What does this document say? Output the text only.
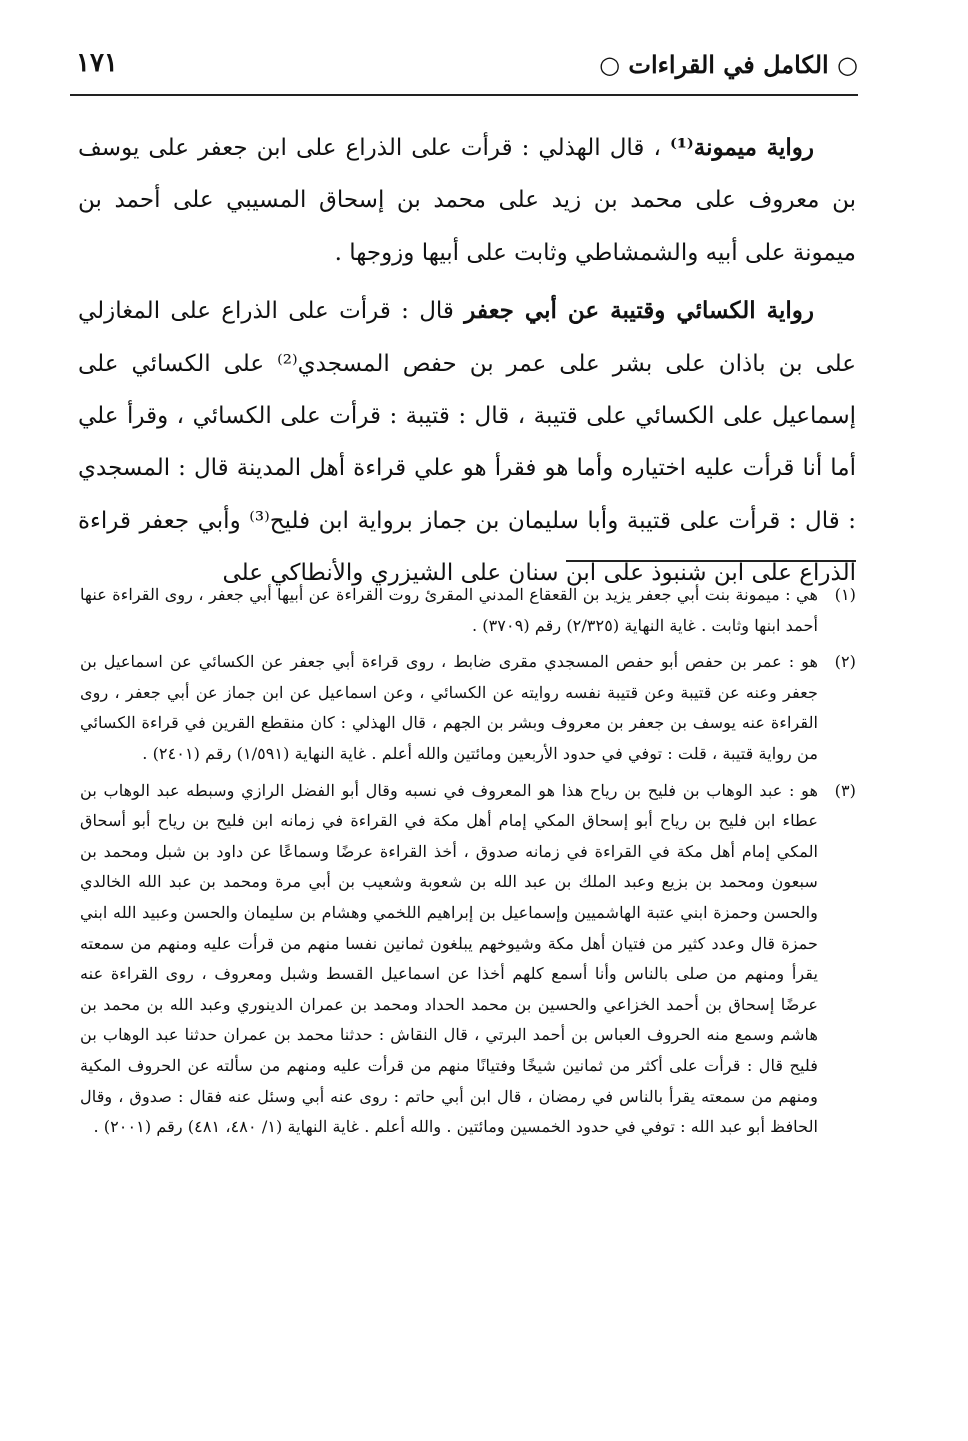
○ الكامل في القراءات ○
١٧١

رواية ميمونة⁽¹⁾ ، قال الهذلي : قرأت على الذراع على ابن جعفر على يوسف بن معروف على محمد بن زيد على محمد بن إسحاق المسيبي على أحمد بن ميمونة على أبيه والشمشاطي وثابت على أبيها وزوجها .

رواية الكسائي وقتيبة عن أبي جعفر قال : قرأت على الذراع على المغازلي على بن باذان على بشر على عمر بن حفص المسجدي⁽²⁾ على الكسائي على إسماعيل على الكسائي على قتيبة ، قال : قتيبة : قرأت على الكسائي ، وقرأ علي أما أنا قرأت عليه اختياره وأما هو فقرأ هو علي قراءة أهل المدينة قال : المسجدي : قال : قرأت على قتيبة وأبا سليمان بن جماز برواية ابن فليح⁽³⁾ وأبي جعفر قراءة الذراع على ابن شنبوذ على ابن سنان على الشيزري والأنطاكي على

(١)
هي : ميمونة بنت أبي جعفر يزيد بن القعقاع المدني المقرئ روت القراءة عن أبيها أبي جعفر ، روى القراءة عنها أحمد ابنها وثابت . غاية النهاية (٢/٣٢٥) رقم (٣٧٠٩) .

(٢)
هو : عمر بن حفص أبو حفص المسجدي مقرى ضابط ، روى قراءة أبي جعفر عن الكسائي عن اسماعيل بن جعفر وعنه عن قتيبة وعن قتيبة نفسه روايته عن الكسائي ، وعن اسماعيل عن ابن جماز عن أبي جعفر ، روى القراءة عنه يوسف بن جعفر بن معروف وبشر بن الجهم ، قال الهذلي : كان منقطع القرين في قراءة الكسائي من رواية قتيبة ، قلت : توفي في حدود الأربعين ومائتين والله أعلم . غاية النهاية (١/٥٩١) رقم (٢٤٠١) .

(٣)
هو : عبد الوهاب بن فليح بن رياح هذا هو المعروف في نسبه وقال أبو الفضل الرازي وسبطه عبد الوهاب بن عطاء ابن فليح بن رياح أبو إسحاق المكي إمام أهل مكة في القراءة في زمانه ابن فليح بن رياح أبو أسحاق المكي إمام أهل مكة في القراءة في زمانه صدوق ، أخذ القراءة عرضًا وسماعًا عن داود بن شبل ومحمد بن سبعون ومحمد بن بزيع وعبد الملك بن عبد الله بن شعوبة وشعيب بن أبي مرة ومحمد بن عبد الله الخالدي والحسن وحمزة ابني عتبة الهاشميين وإسماعيل بن إبراهيم اللخمي وهشام بن سليمان والحسن وعبيد الله ابني حمزة قال وعدد كثير من فتيان أهل مكة وشيوخهم يبلغون ثمانين نفسا منهم من قرأت عليه ومنهم من سمعته يقرأ ومنهم من صلى بالناس وأنا أسمع كلهم أخذا عن اسماعيل القسط وشبل ومعروف ، روى القراءة عنه عرضًا إسحاق بن أحمد الخزاعي والحسين بن محمد الحداد ومحمد بن عمران الدينوري وعبد الله بن محمد بن هاشم وسمع منه الحروف العباس بن أحمد البرتي ، قال النقاش : حدثنا محمد بن عمران حدثنا عبد الوهاب بن فليح قال : قرأت على أكثر من ثمانين شيخًا وفتيانًا منهم من قرأت عليه ومنهم من سألته عن الحروف المكية ومنهم من سمعته يقرأ بالناس في رمضان ، قال ابن أبي حاتم : روى عنه أبي وسئل عنه فقال : صدوق ، وقال الحافظ أبو عبد الله : توفي في حدود الخمسين ومائتين . والله أعلم . غاية النهاية (١/ ٤٨٠، ٤٨١) رقم (٢٠٠١) .
